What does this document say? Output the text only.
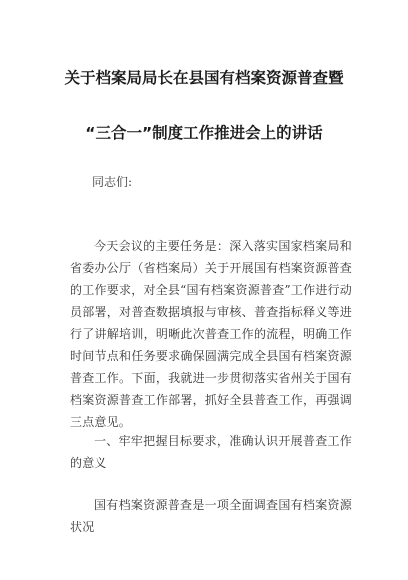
关于档案局局长在县国有档案资源普查暨
“三合一”制度工作推进会上的讲话
同志们:
今天会议的主要任务是：深入落实国家档案局和省委办公厅（省档案局）关于开展国有档案资源普查的工作要求，对全县“国有档案资源普查”工作进行动员部署，对普查数据填报与审核、普查指标释义等进行了讲解培训，明晰此次普查工作的流程，明确工作时间节点和任务要求确保圆满完成全县国有档案资源普查工作。下面，我就进一步贯彻落实省州关于国有档案资源普查工作部署，抓好全县普查工作，再强调三点意见。
一、牢牢把握目标要求，准确认识开展普查工作的意义
国有档案资源普查是一项全面调查国有档案资源状况
